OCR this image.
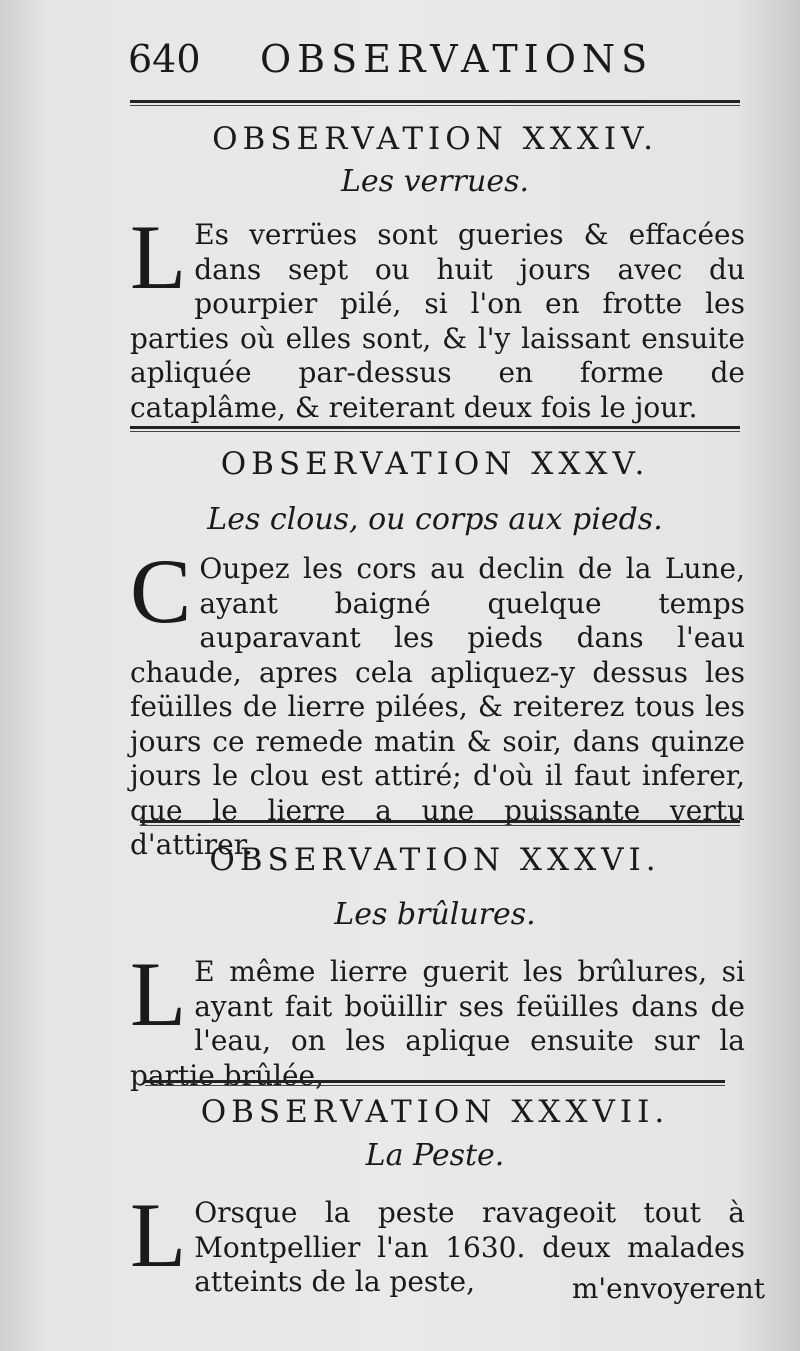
640 OBSERVATIONS
OBSERVATION XXXIV.
Les verrues.
L Es verrües sont gueries & effacées dans sept ou huit jours avec du pourpier pilé, si l'on en frotte les parties où elles sont, & l'y laissant ensuite apliquée par-dessus en forme de cataplâme, & reiterant deux fois le jour.
OBSERVATION XXXV.
Les clous, ou corps aux pieds.
C Oupez les cors au declin de la Lune, ayant baigné quelque temps auparavant les pieds dans l'eau chaude, apres cela apliquez-y dessus les feüilles de lierre pilées, & reiterez tous les jours ce remede matin & soir, dans quinze jours le clou est attiré; d'où il faut inferer, que le lierre a une puissante vertu d'attirer.
OBSERVATION XXXVI.
Les brûlures.
L E même lierre guerit les brûlures, si ayant fait boüillir ses feüilles dans de l'eau, on les aplique ensuite sur la partie brûlée,
OBSERVATION XXXVII.
La Peste.
L Orsque la peste ravageoit tout à Montpellier l'an 1630. deux malades atteints de la peste,	m'envoyerent
